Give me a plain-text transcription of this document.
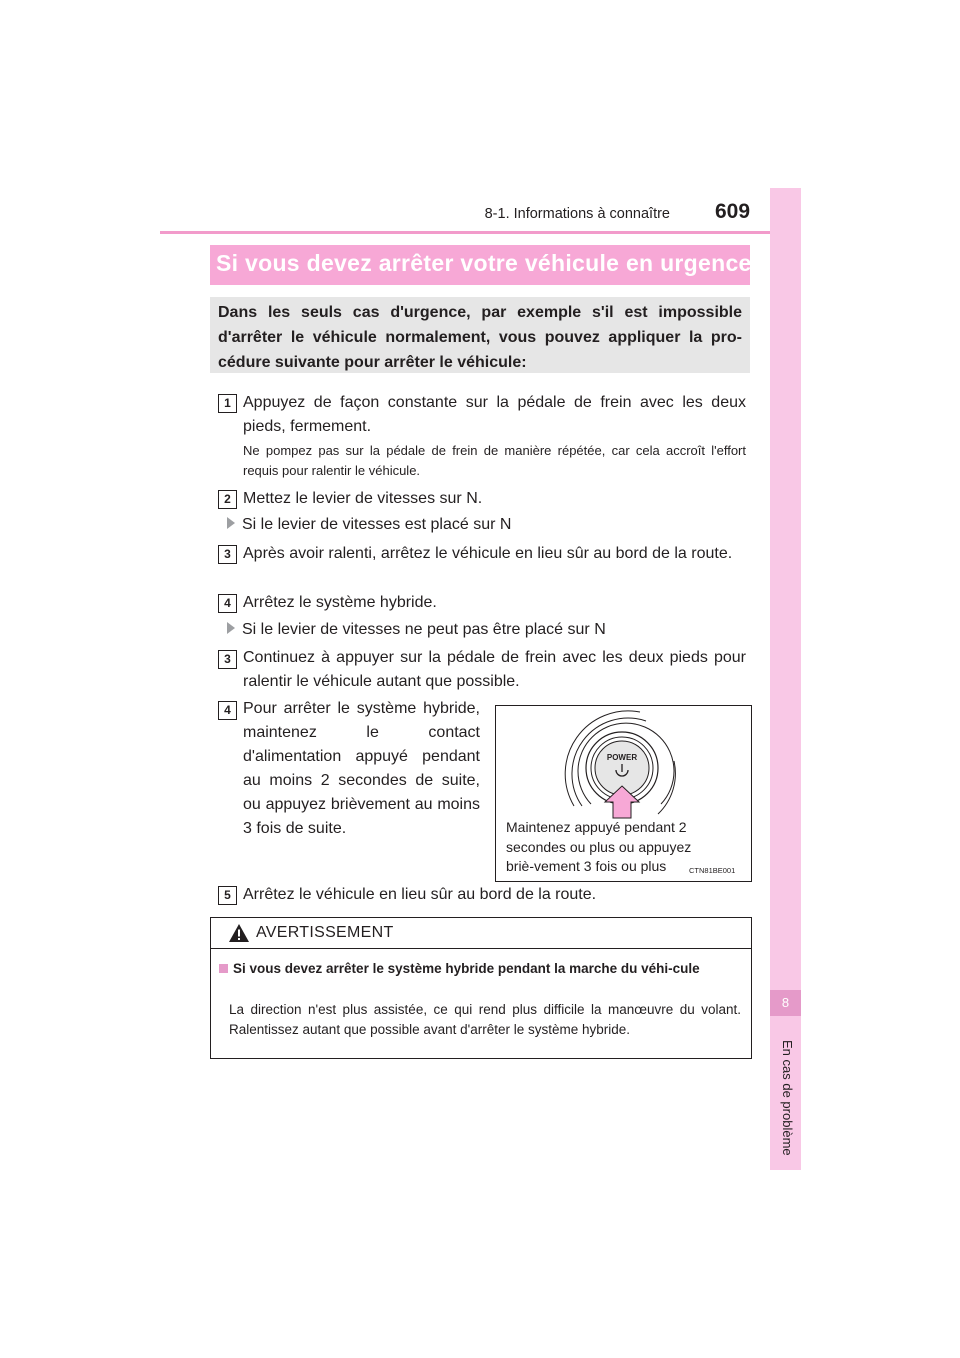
8-1. Informations à connaître 609
8
En cas de problème
Si vous devez arrêter votre véhicule en urgence

Dans les seuls cas d'urgence, par exemple s'il est impossible d'arrêter le véhicule normalement, vous pouvez appliquer la pro-cédure suivante pour arrêter le véhicule:

1 Appuyez de façon constante sur la pédale de frein avec les deux pieds, fermement.
Ne pompez pas sur la pédale de frein de manière répétée, car cela accroît l'effort requis pour ralentir le véhicule.
2 Mettez le levier de vitesses sur N.
Si le levier de vitesses est placé sur N
3 Après avoir ralenti, arrêtez le véhicule en lieu sûr au bord de la route.
4 Arrêtez le système hybride.
Si le levier de vitesses ne peut pas être placé sur N
3 Continuez à appuyer sur la pédale de frein avec les deux pieds pour ralentir le véhicule autant que possible.
4 Pour arrêter le système hybride, maintenez le contact d'alimentation appuyé pendant au moins 2 secondes de suite, ou appuyez brièvement au moins 3 fois de suite.
POWER
Maintenez appuyé pendant 2 secondes ou plus ou appuyez briè-vement 3 fois ou plus	CTN81BE001
5 Arrêtez le véhicule en lieu sûr au bord de la route.
AVERTISSEMENT
Si vous devez arrêter le système hybride pendant la marche du véhi-cule
La direction n'est plus assistée, ce qui rend plus difficile la manœuvre du volant. Ralentissez autant que possible avant d'arrêter le système hybride.
